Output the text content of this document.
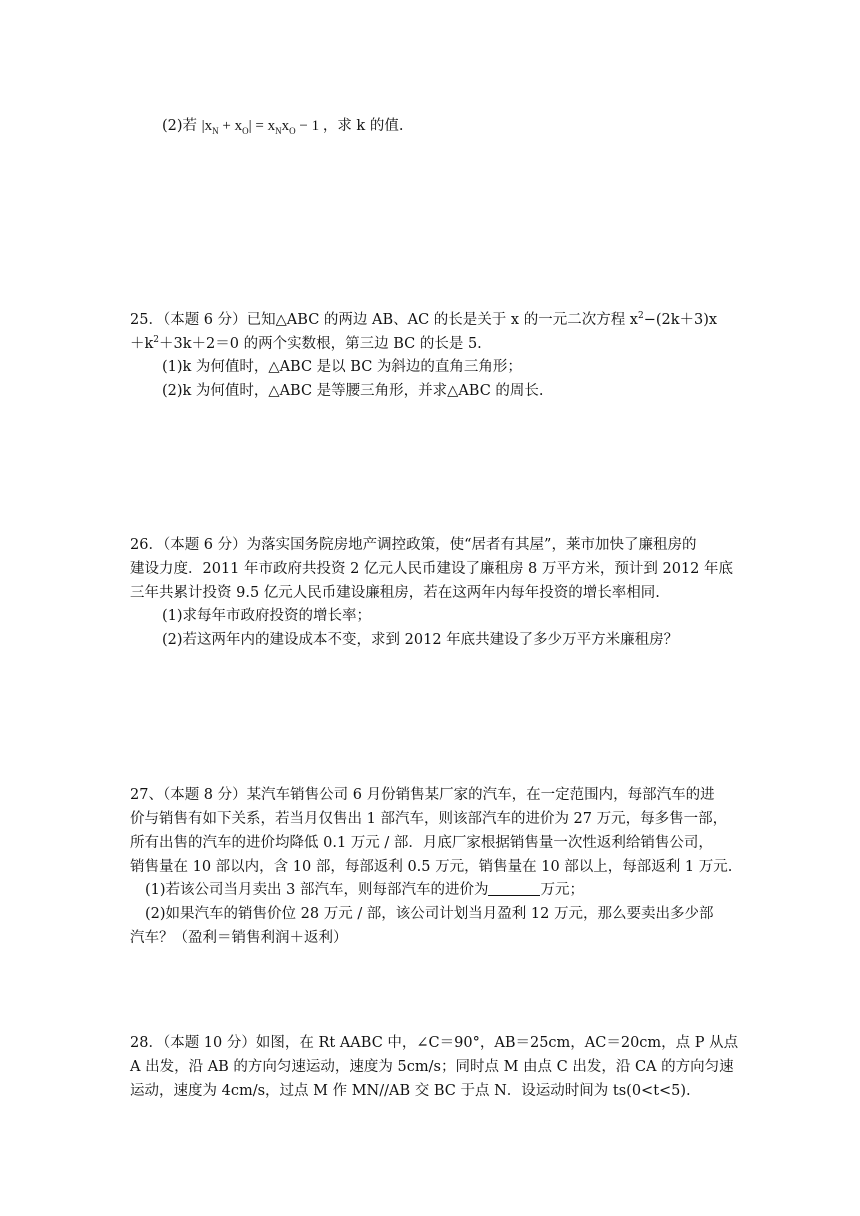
(2)若 $|x_N + x_O| = x_Nx_O - 1$ ，求 k 的值.
25．（本题 6 分）已知△ABC 的两边 AB、AC 的长是关于 x 的一元二次方程 $x^2-(2k+3)x$
$+k^2+3k+2=0$ 的两个实数根，第三边 BC 的长是 5.
(1)k 为何值时，△ABC 是以 BC 为斜边的直角三角形；
(2)k 为何值时，△ABC 是等腰三角形，并求△ABC 的周长.
26．（本题 6 分）为落实国务院房地产调控政策，使“居者有其屋”，莱市加快了廉租房的
建设力度．2011 年市政府共投资 2 亿元人民币建设了廉租房 8 万平方米，预计到 2012 年底
三年共累计投资 9.5 亿元人民币建设廉租房，若在这两年内每年投资的增长率相同.
(1)求每年市政府投资的增长率；
(2)若这两年内的建设成本不变，求到 2012 年底共建设了多少万平方米廉租房？
27、（本题 8 分）某汽车销售公司 6 月份销售某厂家的汽车，在一定范围内，每部汽车的进
价与销售有如下关系，若当月仅售出 1 部汽车，则该部汽车的进价为 27 万元，每多售一部，
所有出售的汽车的进价均降低 0.1 万元 / 部．月底厂家根据销售量一次性返利给销售公司，
销售量在 10 部以内，含 10 部，每部返利 0.5 万元，销售量在 10 部以上，每部返利 1 万元.
(1)若该公司当月卖出 3 部汽车，则每部汽车的进价为	万元；
(2)如果汽车的销售价位 28 万元 / 部，该公司计划当月盈利 12 万元，那么要卖出多少部
汽车？（盈利＝销售利润＋返利）
28．（本题 10 分）如图，在 Rt AABC 中，∠C＝90°，AB＝25cm，AC＝20cm，点 P 从点
A 出发，沿 AB 的方向匀速运动，速度为 5cm/s；同时点 M 由点 C 出发，沿 CA 的方向匀速
运动，速度为 4cm/s，过点 M 作 MN//AB 交 BC 于点 N．设运动时间为 ts(0<t<5).
